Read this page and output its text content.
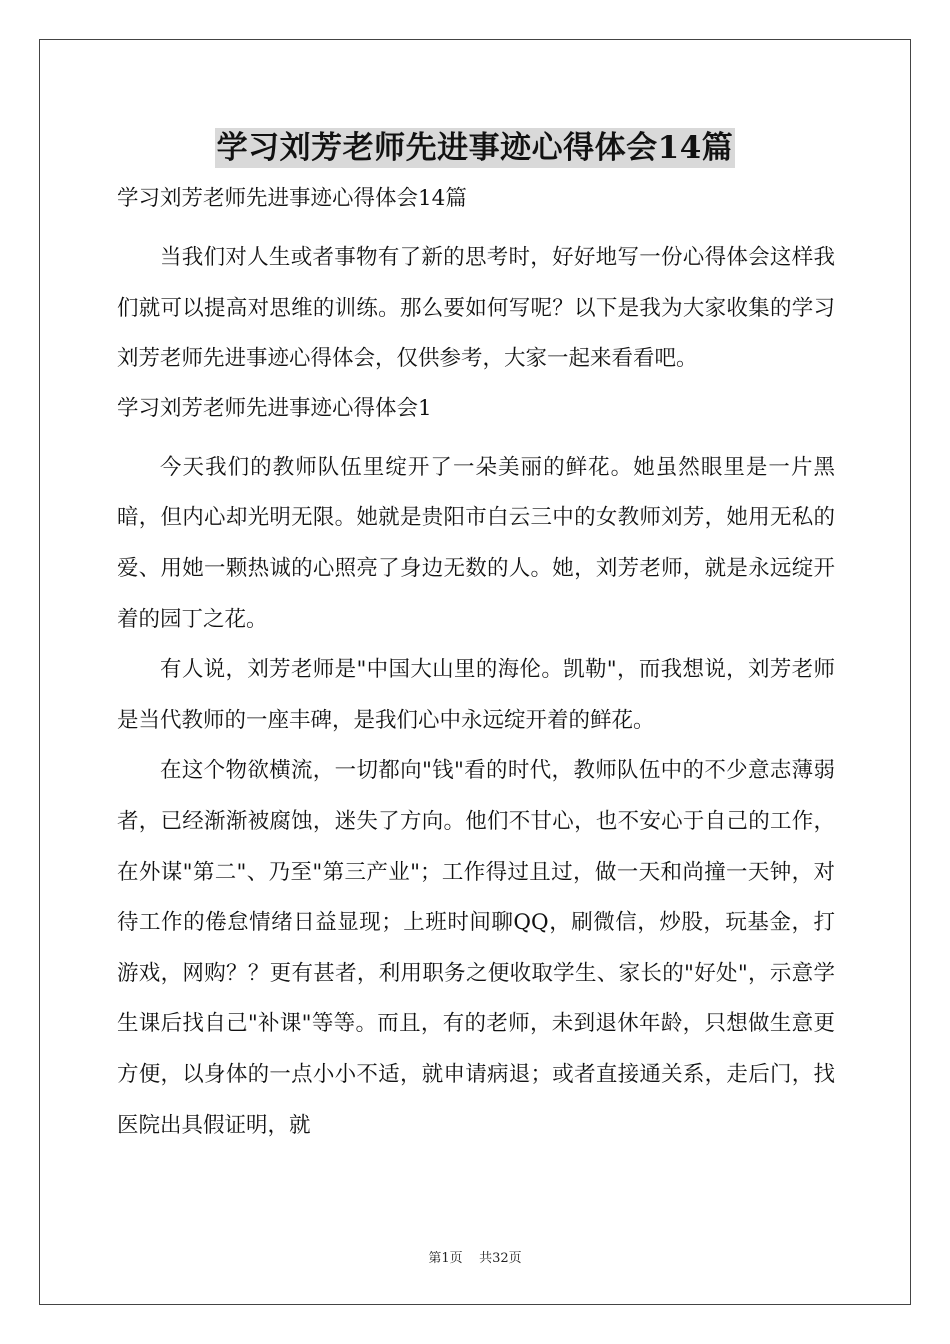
学习刘芳老师先进事迹心得体会14篇

学习刘芳老师先进事迹心得体会14篇

当我们对人生或者事物有了新的思考时，好好地写一份心得体会这样我们就可以提高对思维的训练。那么要如何写呢？以下是我为大家收集的学习刘芳老师先进事迹心得体会，仅供参考，大家一起来看看吧。

学习刘芳老师先进事迹心得体会1

今天我们的教师队伍里绽开了一朵美丽的鲜花。她虽然眼里是一片黑暗，但内心却光明无限。她就是贵阳市白云三中的女教师刘芳，她用无私的爱、用她一颗热诚的心照亮了身边无数的人。她，刘芳老师，就是永远绽开着的园丁之花。

有人说，刘芳老师是"中国大山里的海伦。凯勒"，而我想说，刘芳老师是当代教师的一座丰碑，是我们心中永远绽开着的鲜花。

在这个物欲横流，一切都向"钱"看的时代，教师队伍中的不少意志薄弱者，已经渐渐被腐蚀，迷失了方向。他们不甘心，也不安心于自己的工作，在外谋"第二"、乃至"第三产业"；工作得过且过，做一天和尚撞一天钟，对待工作的倦怠情绪日益显现；上班时间聊QQ，刷微信，炒股，玩基金，打游戏，网购？？更有甚者，利用职务之便收取学生、家长的"好处"，示意学生课后找自己"补课"等等。而且，有的老师，未到退休年龄，只想做生意更方便，以身体的一点小小不适，就申请病退；或者直接通关系，走后门，找医院出具假证明，就

第1页 共32页
